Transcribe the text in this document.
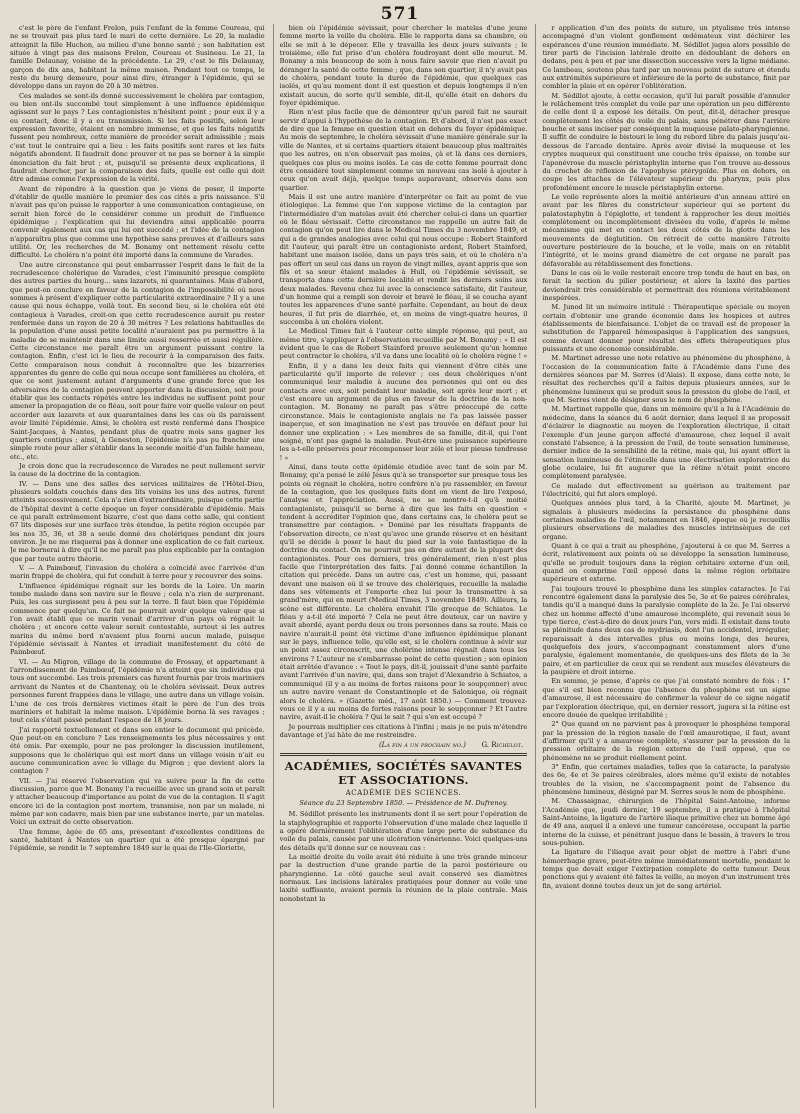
571

c'est le père de l'enfant Frelon, puis l'enfant de la femme Coureau, qui ne se trouvait pas plus tard le mari de cette dernière. Le 20, la maladie atteignit la fille Huchon, au milieu d'une bonne santé ; son habitation est située à vingt pas des maisons Frelon, Coureau et Susineau. Le 21, la famille Delaunay, voisine de la précédente. Le 29, c'est le fils Delaunay, garçon de dix ans, habitant la même maison. Pendant tout ce temps, le reste du bourg demeure, pour ainsi dire, étranger à l'épidémie, qui se développe dans un rayon de 20 à 30 mètres.

Ces malades se sont-ils donné successivement le choléra par contagion, ou bien ont-ils succombé tout simplement à une influence épidémique agissant sur le pays ? Les contagionistes n'hésitent point ; pour eux il y a eu contact, donc il y a eu transmission. Si les faits positifs, selon leur expression favorite, étaient en nombre immense, et que les faits négatifs fussent peu nombreux, cette manière de procéder serait admissible ; mais c'est tout le contraire qui a lieu : les faits positifs sont rares et les faits négatifs abondent. Il faudrait donc prouver et ne pas se borner à la simple énonciation du fait brut ; et, puisqu'il se présente deux explications, il faudrait chercher, par la comparaison des faits, quelle est celle qui doit être admise comme l'expression de la vérité.

Avant de répondre à la question que je viens de poser, il importe d'établir de quelle manière le premier des cas cités a pris naissance. S'il n'avait pas qu'on puisse le rapporter à une communication contagieuse, on serait bien forcé de le considérer comme un produit de l'influence épidémique ; l'explication qui lui deviendra ainsi applicable pourra convenir également aux cas qui lui ont succédé ; et l'idée de la contagion n'apparaîtra plus que comme une hypothèse sans preuves et d'ailleurs sans utilité. Or, les recherches de M. Bonamy ont nettement résolu cette difficulté. Le choléra n'a point été importé dans la commune de Varades.

Une autre circonstance qui peut embarrasser l'esprit dans le fait de la recrudescence cholérique de Varades, c'est l'immunité presque complète des autres parties du bourg... sans lazarets, ni quarantaines. Mais d'abord, que peut-on conclure en faveur de la contagion de l'impossibilité où nous sommes à présent d'expliquer cette particularité extraordinaire ? Il y a une cause qui nous échappe, voilà tout. En second lieu, si le choléra eût été contagieux à Varades, croit-on que cette recrudescence aurait pu rester renfermée dans un rayon de 20 à 30 mètres ? Les relations habituelles de la population d'une aussi petite localité n'auraient pas pu permettre à la maladie de se maintenir dans une limite aussi resserrée et aussi régulière. Cette circonstance me paraît être un argument puissant contre la contagion. Enfin, c'est ici le lieu de recourir à la comparaison des faits. Cette comparaison nous conduit à reconnaître que les bizarreries apparentes du genre de celle qui nous occupe sont familières au choléra, et que ce sont justement autant d'arguments d'une grande force que les adversaires de la contagion peuvent apporter dans la discussion, soit pour établir que les contacts répétés entre les individus ne suffisent point pour amener la propagation de ce fléau, soit pour faire voir quelle valeur on peut accorder aux lazarets et aux quarantaines dans les cas où ils paraissent avoir limité l'épidémie. Ainsi, le choléra est resté renfermé dans l'hospice Saint-Jacques, à Nantes, pendant plus de quatre mois sans gagner les quartiers contigus ; ainsi, à Geneston, l'épidémie n'a pas pu franchir une simple route pour aller s'établir dans la seconde moitié d'un faible hameau, etc., etc.

Je crois donc que la recrudescence de Varades ne peut nullement servir la cause de la doctrine de la contagion.

IV. — Dans une des salles des services militaires de l'Hôtel-Dieu, plusieurs soldats couchés dans des lits voisins les uns des autres, furent atteints successivement. Cela n'a rien d'extraordinaire, puisque cette partie de l'hôpital devint à cette époque un foyer considérable d'épidémie. Mais ce qui paraît extrêmement bizarre, c'est que dans cette salle, qui contient 67 lits disposés sur une surface très étendue, la petite région occupée par les nos 35, 36, et 38 a seule donné des cholériques pendant dix jours environ. Je ne me risquerai pas à donner une explication de ce fait curieux. Je me bornerai à dire qu'il ne me paraît pas plus explicable par la contagion que par toute autre théorie.

V. — A Paimbœuf, l'invasion du choléra a coïncidé avec l'arrivée d'un marin frappé de choléra, qui fut conduit à terre pour y recouvrer des soins.

L'influence épidémique régnait sur les bords de la Loire. Un marin tombe malade dans son navire sur le fleuve ; cela n'a rien de surprenant. Puis, les cas surgissent peu à peu sur la terre. Il faut bien que l'épidémie commence par quelqu'un. Ce fait ne pourrait avoir quelque valeur que si l'on avait établi que ce marin venait d'arriver d'un pays où régnait le choléra ; et encore cette valeur serait contestable, surtout si les autres marins du même bord n'avaient plus fourni aucun malade, puisque l'épidémie sévissait à Nantes et irradiait manifestement du côté de Paimbœuf.

VI. — Au Migron, village de la commune de Frossay, et appartenant à l'arrondissement de Paimbœuf, l'épidémie n'a atteint que six individus qui tous ont succombé. Les trois premiers cas furent fournis par trois mariniers arrivant de Nantes et de Chantenay, où le choléra sévissait. Deux autres personnes furent frappées dans le village, une autre dans un village voisin. L'une de ces trois dernières victimes était le père de l'un des trois mariniers et habitait la même maison. L'épidémie borna là ses ravages ; tout cela s'était passé pendant l'espace de 18 jours.

J'ai rapporté textuellement et dans son entier le document qui précède. Que peut-on en conclure ? Les renseignements les plus nécessaires y ont été omis. Par exemple, pour ne pas prolonger la discussion inutilement, supposons que le cholérique qui est mort dans un village voisin n'ait eu aucune communication avec le village du Migron ; que devient alors la contagion ?

VII. — J'ai réservé l'observation qui va suivre pour la fin de cette discussion, parce que M. Bonamy l'a recueillie avec un grand soin et paraît y attacher beaucoup d'importance au point de vue de la contagion. Il s'agit encore ici de la contagion post mortem, transmise, non par un malade, ni même par son cadavre, mais bien par une substance inerte, par un matelas. Voici un extrait de cette observation.

Une femme, âgée de 65 ans, présentant d'excellentes conditions de santé, habitant à Nantes un quartier qui a été presque épargné par l'épidémie, se rendit le 7 septembre 1849 sur le quai de l'Ile-Gloriette,

bien où l'épidémie sévissait, pour chercher le matelas d'une jeune femme morte la veille du choléra. Elle le rapporta dans sa chambre, où elle se mit à le dépecer. Elle y travailla les deux jours suivants ; le troisième, elle fut prise d'un choléra foudroyant dont elle mourut. M. Bonamy a mis beaucoup de soin à nous faire savoir que rien n'avait pu déranger la santé de cette femme ; que, dans son quartier, il n'y avait pas de choléra, pendant toute la durée de l'épidémie, que quelques cas isolés, et qu'au moment dont il est question et depuis longtemps il n'en existait aucun, de sorte qu'il semble, dit-il, qu'elle était en dehors du foyer épidémique.

Rien n'est plus facile que de démontrer qu'un pareil fait ne saurait servir d'appui à l'hypothèse de la contagion. Et d'abord, il n'est pas exact de dire que la femme en question était en dehors du foyer épidémique. Au mois de septembre, le choléra sévissait d'une manière générale sur la ville de Nantes, et si certains quartiers étaient beaucoup plus maltraités que les autres, on n'en observait pas moins, çà et là dans ces derniers, quelques cas plus ou moins isolés. Le cas de cette femme pourrait donc être considéré tout simplement comme un nouveau cas isolé à ajouter à ceux qu'on avait déjà, quelque temps auparavant, observés dans son quartier.

Mais il est une autre manière d'interpréter ce fait au point de vue étiologique. La femme que l'on suppose victime de la contagion par l'intermédiaire d'un matelas avait été chercher celui-ci dans un quartier où le fléau sévissait. Cette circonstance me rappelle un autre fait de contagion qu'on peut lire dans le Medical Times du 3 novembre 1849, et qui a de grandes analogies avec celui qui nous occupe : Robert Stainford dit l'auteur, qui paraît être un contagioniste ardent, Robert Stainford, habitant une maison isolée, dans un pays très sain, et où le choléra n'a pas offert un seul cas dans un rayon de vingt milles, ayant appris que son fils et sa sœur étaient malades à Hull, où l'épidémie sévissait, se transporta dans cette dernière localité et rendit les derniers soins aux deux malades. Revenu chez lui avec la conscience satisfaite, dit l'auteur, d'un homme qui a rempli son devoir et bravé le fléau, il se coucha ayant toutes les apparences d'une santé parfaite. Cependant, au bout de deux heures, il fut pris de diarrhée, et, en moins de vingt-quatre heures, il succomba à un choléra violent.

Le Medical Times fait à l'auteur cette simple réponse, qui peut, au même titre, s'appliquer à l'observation recueillie par M. Bonamy : « Il est évident que le cas de Robert Stainford prouve seulement qu'un homme peut contracter le choléra, s'il va dans une localité où le choléra règne ! »

Enfin, il y a dans les deux faits qui viennent d'être cités une particularité qu'il importe de relever ; ces deux cholériques n'ont communiqué leur maladie à aucune des personnes qui ont eu des contacts avec eux, soit pendant leur maladie, soit après leur mort ; et c'est encore un argument de plus en faveur de la doctrine de la non-contagion. M. Bonamy ne paraît pas s'être préoccupé de cette circonstance. Mais le contagioniste anglais ne l'a pas laissée passer inaperçue, et son imagination ne s'est pas trouvée en défaut pour lui donner une explication : « Les membres de sa famille, dit-il, qui l'ont soigné, n'ont pas gagné la maladie. Peut-être une puissance supérieure les a-t-elle préservés pour récompenser leur zèle et leur pieuse tendresse ! »

Ainsi, dans toute cette épidémie étudiée avec tant de soin par M. Bonamy, qu'a pensé le zélé Jésus qu'à se transporter sur presque tous les points où régnait le choléra, notre confrère n'a pu rassembler, en faveur de la contagion, que les quelques faits dont on vient de lire l'exposé, l'analyse et l'appréciation. Aussi, ne se montre-t-il qu'à moitié contagioniste, puisqu'il se borne à dire que les faits en question « tendent à accréditer l'opinion que, dans certains cas, le choléra peut se transmettre par contagion. » Dominé par les résultats frappants de l'observation directe, ce n'est qu'avec une grande réserve et en hésitant qu'il se décide à poser le haut du pied sur la voie fantastique de la doctrine du contact. On ne pourrait pas en dire autant de la plupart des contagionistes. Pour ces derniers, très généralement, rien n'est plus facile que l'interprétation des faits. J'ai donné comme échantillon la citation qui précède. Dans un autre cas, c'est un homme, qui, passant devant une maison où il se trouve des cholériques, recueille la maladie dans ses vêtements et l'emporte chez lui pour la transmettre à sa grand'mère, qui en meurt (Medical Times, 3 novembre 1849). Ailleurs, la scène est différente. Le choléra envahit l'île grecque de Schiatos. Le fléau y a-t-il été importé ? Cela ne peut être douteux, car un navire y avait abordé, ayant perdu deux ou trois personnes dans sa route. Mais ce navire n'aurait-il point été victime d'une influence épidémique planant sur le pays, influence telle, qu'elle est, si le choléra continue à sévir sur un point assez circonscrit, une cholérine intense régnait dans tous les environs ? L'auteur ne s'embarrasse point de cette question ; son opinion était arrêtée d'avance : « Tout le pays, dit-il, jouissait d'une santé parfaite avant l'arrivée d'un navire, qui, dans son trajet d'Alexandrie à Schiatos, a communiqué (il y a au moins de fortes raisons pour le soupçonner) avec un autre navire venant de Constantinople et de Salonique, où régnait alors le choléra. » (Gazette méd., 17 août 1850.) — Comment trouvez-vous ce il y a au moins de fortes raisons pour le soupçonner ? Et l'autre navire, avait-il le choléra ? Qui le sait ? qui s'en est occupé ?

Je pourrais multiplier ces citations à l'infini ; mais je ne puis m'étendre davantage et j'ai hâte de me restreindre.

(La fin à un prochain no.) G. Richelot.
ACADÉMIES, SOCIÉTÉS SAVANTES ET ASSOCIATIONS.
ACADÉMIE DES SCIENCES.
Séance du 23 Septembre 1850. — Présidence de M. Dufrenoy.

M. Sédillot présente les instruments dont il se sert pour l'opération de la staphylographie et rapporte l'observation d'une malade chez laquelle il a opéré dernièrement l'oblitération d'une large perte de substance du voile du palais, causée par une ulcération vénérienne. Voici quelques-uns des détails qu'il donne sur ce nouveau cas :

La moitié droite du voile avait été réduite à une très grande minceur par la destruction d'une grande partie de la paroi postérieure ou pharyngienne. Le côté gauche seul avait conservé ses diamètres normaux. Les incisions latérales pratiquées pour donner au voile une laxité suffisante, avaient permis la réunion de la plaie centrale. Mais nonobstant la

r application d'un des points de suture, un ptyalisme très intense accompagné d'un violent gonflement œdémateux vint déchirer les espérances d'une réunion immédiate. M. Sédillot jugea alors possible de tirer parti de l'incision latérale droite en dédoublant de dehors en dedans, peu à peu et par une dissection successive vers la ligne médiane. Ce lambeau, soutenu plus tard par un nouveau point de suture et étendu aux extrémités supérieure et inférieure de la perte de substance, finit par combler la plaie et en opérer l'oblitération.

M. Sédillot ajoute, à cette occasion, qu'il lui paraît possible d'annuler le relâchement très complet du voile par une opération un peu différente de celle dont il a exposé les détails. On peut, dit-il, détacher presque complètement les côtés du voile du palais, sans pénétrer dans l'arrière bouche et sans inciser par conséquent la muqueuse palato-pharyngienne. Il suffit de conduire le bistouri le long du rebord libre du palais jusqu'au-dessous de l'arcade dentaire. Après avoir divisé la muqueuse et les cryptes muqueux qui constituent une couche très épaisse, on tombe sur l'aponévrose du muscle péristaphylin interne que l'on trouve au-dessous du crochet de réflexion de l'apophyse ptérygoïde. Plus en dehors, on coupe les attaches de l'élévateur supérieur du pharynx, puis plus profondément encore le muscle péristaphylin externe.

Le voile représente alors la moitié antérieure d'un anneau attiré en avant par les fibres du constricteur supérieur qui se portent du palatostaphylin à l'épiglotte, et tendent à rapprocher les deux moitiés complètement ou incomplètement divisées du voile, d'après le même mécanisme qui met en contact les deux côtés de la glotte dans les mouvements de déglutition. On rétrécit de cette manière l'étroite ouverture postérieure de la bouche, et le voile, mais on en rétablit l'intégrité, et le moins grand diamètre de cet organe ne paraît pas défavorable au rétablissement des fonctions.

Dans le cas où le voile resterait encore trop tendu de haut en bas, on ferait la section du pilier postérieur, et alors la laxité des parties deviendrait très considérable et permettrait des réunions véritablement inespérées.

M. Junod lit un mémoire intitulé : Thérapeutique spéciale ou moyen certain d'obtenir une grande économie dans les hospices et autres établissements de bienfaisance. L'objet de ce travail est de proposer la substitution de l'appareil hémospasique à l'application des sangsues, comme devant donner pour résultat des effets thérapeutiques plus puissants et une économie considérable.

M. Martinet adresse une note relative au phénomène du phosphène, à l'occasion de la communication faite à l'Académie dans l'une des dernières séances par M. Serres (d'Alais). Il expose, dans cette note, le résultat des recherches qu'il a faites depuis plusieurs années, sur le phénomène lumineux qui se produit sous la pression du globe de l'œil, et que M. Serres vient de désigner sous le nom de phosphène.

M. Martinet rappelle que, dans un mémoire qu'il a lu à l'Académie de médecine, dans la séance du 6 août dernier, dans lequel il se proposait d'éclairer le diagnostic au moyen de l'exploration électrique, il citait l'exemple d'un jeune garçon affecté d'amaurose, chez lequel il avait constaté l'absence, à la pression de l'œil, de toute sensation lumineuse, dernier indice de la sensibilité de la rétine, mais qui, lui ayant offert la sensation lumineuse de l'étincelle dans une électrisation exploratrice du globe oculaire, lui fit augurer que la rétine n'était point encore complètement paralysée.

Ce malade dut effectivement sa guérison au traitement par l'électricité, qui fut alors employé.

Quelques années plus tard, à la Charité, ajoute M. Martinet, je signalais à plusieurs médecins la persistance du phosphène dans certaines maladies de l'œil, notamment en 1846, époque où je recueillis plusieurs observations de maladies des muscles intrinsèques de cet organe.

Quant à ce qui a trait au phosphène, j'ajouterai à ce que M. Serres a écrit, relativement aux points où se développe la sensation lumineuse, qu'elle se produit toujours dans la région orbitaire externe d'un œil, quand on comprime l'œil opposé dans la même région orbitaire supérieure et externe.

J'ai toujours trouvé le phosphène dans les simples cataractes. Je l'ai rencontré également dans la paralysie des 5e, 3e et 6e paires cérébrales, tandis qu'il a manqué dans la paralysie complète de la 2e. Je l'ai observé chez un homme affecté d'une amaurose incomplète, qui revenait sous le type tierce, c'est-à-dire de deux jours l'un, vers midi. Il existait dans toute sa plénitude dans deux cas de mydriasis, dont l'un accidentel, irrégulier, reparaissait à des intervalles plus ou moins longs, des heures, quelquefois des jours, s'accompagnant constamment alors d'une paralysie, également momentanée, de quelques-uns des filets de la 3e paire, et en particulier de ceux qui se rendent aux muscles élévateurs de la paupière et droit interne.

En somme, je pense, d'après ce que j'ai constaté nombre de fois : 1° que s'il est bien reconnu que l'absence du phosphène est un signe d'amaurose, il est nécessaire de confirmer la valeur de ce signe négatif par l'exploration électrique, qui, en dernier ressort, jugera si la rétine est encore douée de quelque irritabilité ;

2° Que quand on ne parvient pas à provoquer le phosphène temporal par la pression de la région nasale de l'œil amaurotique, il faut, avant d'affirmer qu'il y a amaurose complète, s'assurer par la pression de la pression orbitaire de la région externe de l'œil opposé, que ce phénomène ne se produit réellement point.

3° Enfin, que certaines maladies, telles que la cataracte, la paralysie des 6e, 4e et 3e paires cérébrales, alors même qu'il existe de notables troubles de la vision, ne s'accompagnent point de l'absence du phénomène lumineux, désigné par M. Serres sous le nom de phosphène.

M. Chassaignac, chirurgien de l'hôpital Saint-Antoine, informe l'Académie que, jeudi dernier, 19 septembre, il a pratiqué à l'hôpital Saint-Antoine, la ligature de l'artère iliaque primitive chez un homme âgé de 49 ans, auquel il a enlevé une tumeur cancéreuse, occupant la partie interne de la cuisse, et pénétrant jusque dans le bassin, à travers le trou sous-pubien.

La ligature de l'iliaque avait pour objet de mettre à l'abri d'une hémorrhagie grave, peut-être même immédiatement mortelle, pendant le temps que devait exiger l'extirpation complète de cette tumeur. Deux ponctions qui y avaient été faites la veille, au moyen d'un instrument très fin, avaient donné toutes deux un jet de sang artériel.
